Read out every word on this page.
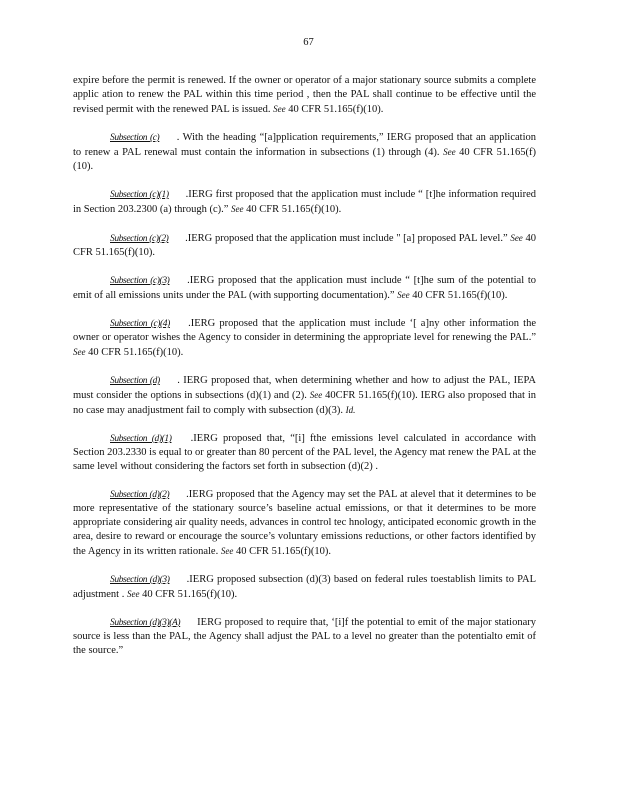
67

expire before the permit is renewed. If the owner or operator of a major stationary source submits a complete applic ation to renew the PAL within this time period , then the PAL shall continue to be effective until the revised permit with the renewed PAL is issued. See 40 CFR 51.165(f)(10).

Subsection (c) . With the heading “[a]pplication requirements,” IERG proposed that an application to renew a PAL renewal must contain the information in subsections (1) through (4). See 40 CFR 51.165(f)(10).

Subsection (c)(1) .IERG first proposed that the application must include “ [t]he information required in Section 203.2300 (a) through (c).” See 40 CFR 51.165(f)(10).

Subsection (c)(2) .IERG proposed that the application must include " [a] proposed PAL level.” See 40 CFR 51.165(f)(10).

Subsection (c)(3) .IERG proposed that the application must include “ [t]he sum of the potential to emit of all emissions units under the PAL (with supporting documentation).” See 40 CFR 51.165(f)(10).

Subsection (c)(4) .IERG proposed that the application must include ‘[ a]ny other information the owner or operator wishes the Agency to consider in determining the appropriate level for renewing the PAL.” See 40 CFR 51.165(f)(10).

Subsection (d) . IERG proposed that, when determining whether and how to adjust the PAL, IEPA must consider the options in subsections (d)(1) and (2). See 40CFR 51.165(f)(10). IERG also proposed that in no case may anadjustment fail to comply with subsection (d)(3). Id.

Subsection (d)(1) .IERG proposed that, “[i] fthe emissions level calculated in accordance with Section 203.2330 is equal to or greater than 80 percent of the PAL level, the Agency mat renew the PAL at the same level without considering the factors set forth in subsection (d)(2) .

Subsection (d)(2) .IERG proposed that the Agency may set the PAL at alevel that it determines to be more representative of the stationary source’s baseline actual emissions, or that it determines to be more appropriate considering air quality needs, advances in control tec hnology, anticipated economic growth in the area, desire to reward or encourage the source’s voluntary emissions reductions, or other factors identified by the Agency in its written rationale. See 40 CFR 51.165(f)(10).

Subsection (d)(3) .IERG proposed subsection (d)(3) based on federal rules toestablish limits to PAL adjustment . See 40 CFR 51.165(f)(10).

Subsection (d)(3)(A) IERG proposed to require that, ‘[i]f the potential to emit of the major stationary source is less than the PAL, the Agency shall adjust the PAL to a level no greater than the potentialto emit of the source.”
